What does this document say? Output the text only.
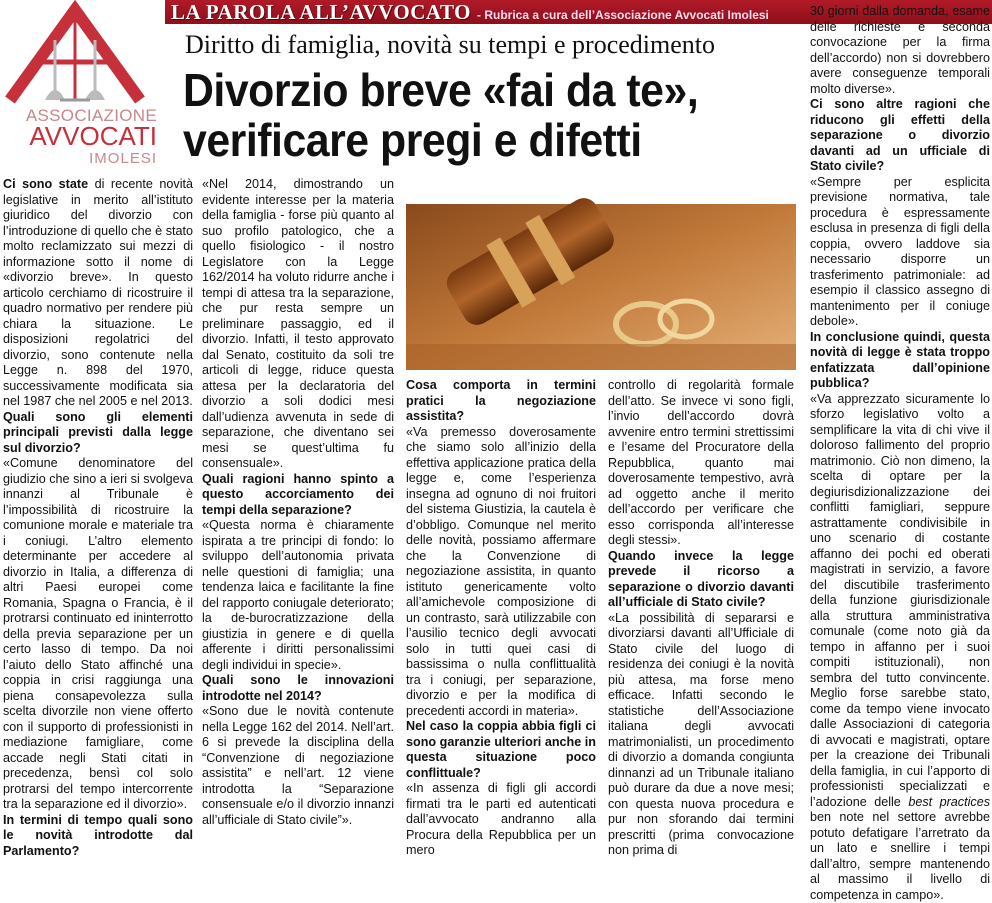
LA PAROLA ALL’AVVOCATO - Rubrica a cura dell’Associazione Avvocati Imolesi
ASSOCIAZIONE
AVVOCATI
IMOLESI
Diritto di famiglia, novità su tempi e procedimento
Divorzio breve «fai da te»,
verificare pregi e difetti

Ci sono state di recente novità legislative in merito all’istituto giuridico del divorzio con l’introduzione di quello che è stato molto reclamizzato sui mezzi di informazione sotto il nome di «divorzio breve». In questo articolo cerchiamo di ricostruire il quadro normativo per rendere più chiara la situazione. Le disposizioni regolatrici del divorzio, sono contenute nella Legge n. 898 del 1970, successivamente modificata sia nel 1987 che nel 2005 e nel 2013.

Quali sono gli elementi principali previsti dalla legge sul divorzio?

«Comune denominatore del giudizio che sino a ieri si svolgeva innanzi al Tribunale è l’impossibilità di ricostruire la comunione morale e materiale tra i coniugi. L’altro elemento determinante per accedere al divorzio in Italia, a differenza di altri Paesi europei come Romania, Spagna o Francia, è il protrarsi continuato ed ininterrotto della previa separazione per un certo lasso di tempo. Da noi l’aiuto dello Stato affinché una coppia in crisi raggiunga una piena consapevolezza sulla scelta divorzile non viene offerto con il supporto di professionisti in mediazione famigliare, come accade negli Stati citati in precedenza, bensì col solo protrarsi del tempo intercorrente tra la separazione ed il divorzio».

In termini di tempo quali sono le novità introdotte dal Parlamento?

«Nel 2014, dimostrando un evidente interesse per la materia della famiglia - forse più quanto al suo profilo patologico, che a quello fisiologico - il nostro Legislatore con la Legge 162/2014 ha voluto ridurre anche i tempi di attesa tra la separazione, che pur resta sempre un preliminare passaggio, ed il divorzio. Infatti, il testo approvato dal Senato, costituito da soli tre articoli di legge, riduce questa attesa per la declaratoria del divorzio a soli dodici mesi dall’udienza avvenuta in sede di separazione, che diventano sei mesi se quest’ultima fu consensuale».

Quali ragioni hanno spinto a questo accorciamento dei tempi della separazione?

«Questa norma è chiaramente ispirata a tre principi di fondo: lo sviluppo dell’autonomia privata nelle questioni di famiglia; una tendenza laica e facilitante la fine del rapporto coniugale deteriorato; la de-burocratizzazione della giustizia in genere e di quella afferente i diritti personalissimi degli individui in specie».

Quali sono le innovazioni introdotte nel 2014?

«Sono due le novità contenute nella Legge 162 del 2014. Nell’art. 6 si prevede la disciplina della “Convenzione di negoziazione assistita” e nell’art. 12 viene introdotta la “Separazione consensuale e/o il divorzio innanzi all’ufficiale di Stato civile”».

Cosa comporta in termini pratici la negoziazione assistita?

«Va premesso doverosamente che siamo solo all’inizio della effettiva applicazione pratica della legge e, come l’esperienza insegna ad ognuno di noi fruitori del sistema Giustizia, la cautela è d’obbligo. Comunque nel merito delle novità, possiamo affermare che la Convenzione di negoziazione assistita, in quanto istituto genericamente volto all’amichevole composizione di un contrasto, sarà utilizzabile con l’ausilio tecnico degli avvocati solo in tutti quei casi di bassissima o nulla conflittualità tra i coniugi, per separazione, divorzio e per la modifica di precedenti accordi in materia».

Nel caso la coppia abbia figli ci sono garanzie ulteriori anche in questa situazione poco conflittuale?

«In assenza di figli gli accordi firmati tra le parti ed autenticati dall’avvocato andranno alla Procura della Repubblica per un mero

controllo di regolarità formale dell’atto. Se invece vi sono figli, l’invio dell’accordo dovrà avvenire entro termini strettissimi e l’esame del Procuratore della Repubblica, quanto mai doverosamente tempestivo, avrà ad oggetto anche il merito dell’accordo per verificare che esso corrisponda all’interesse degli stessi».

Quando invece la legge prevede il ricorso a separazione o divorzio davanti all’ufficiale di Stato civile?

«La possibilità di separarsi e divorziarsi davanti all’Ufficiale di Stato civile del luogo di residenza dei coniugi è la novità più attesa, ma forse meno efficace. Infatti secondo le statistiche dell’Associazione italiana degli avvocati matrimonialisti, un procedimento di divorzio a domanda congiunta dinnanzi ad un Tribunale italiano può durare da due a nove mesi; con questa nuova procedura e pur non sforando dai termini prescritti (prima convocazione non prima di

30 giorni dalla domanda, esame delle richieste e seconda convocazione per la firma dell’accordo) non si dovrebbero avere conseguenze temporali molto diverse».

Ci sono altre ragioni che riducono gli effetti della separazione o divorzio davanti ad un ufficiale di Stato civile?

«Sempre per esplicita previsione normativa, tale procedura è espressamente esclusa in presenza di figli della coppia, ovvero laddove sia necessario disporre un trasferimento patrimoniale: ad esempio il classico assegno di mantenimento per il coniuge debole».

In conclusione quindi, questa novità di legge è stata troppo enfatizzata dall’opinione pubblica?

«Va apprezzato sicuramente lo sforzo legislativo volto a semplificare la vita di chi vive il doloroso fallimento del proprio matrimonio. Ciò non dimeno, la scelta di optare per la degiurisdizionalizzazione dei conflitti famigliari, seppure astrattamente condivisibile in uno scenario di costante affanno dei pochi ed oberati magistrati in servizio, a favore del discutibile trasferimento della funzione giurisdizionale alla struttura amministrativa comunale (come noto già da tempo in affanno per i suoi compiti istituzionali), non sembra del tutto convincente. Meglio forse sarebbe stato, come da tempo viene invocato dalle Associazioni di categoria di avvocati e magistrati, optare per la creazione dei Tribunali della famiglia, in cui l’apporto di professionisti specializzati e l’adozione delle best practices ben note nel settore avrebbe potuto defatigare l’arretrato da un lato e snellire i tempi dall’altro, sempre mantenendo al massimo il livello di competenza in campo».
